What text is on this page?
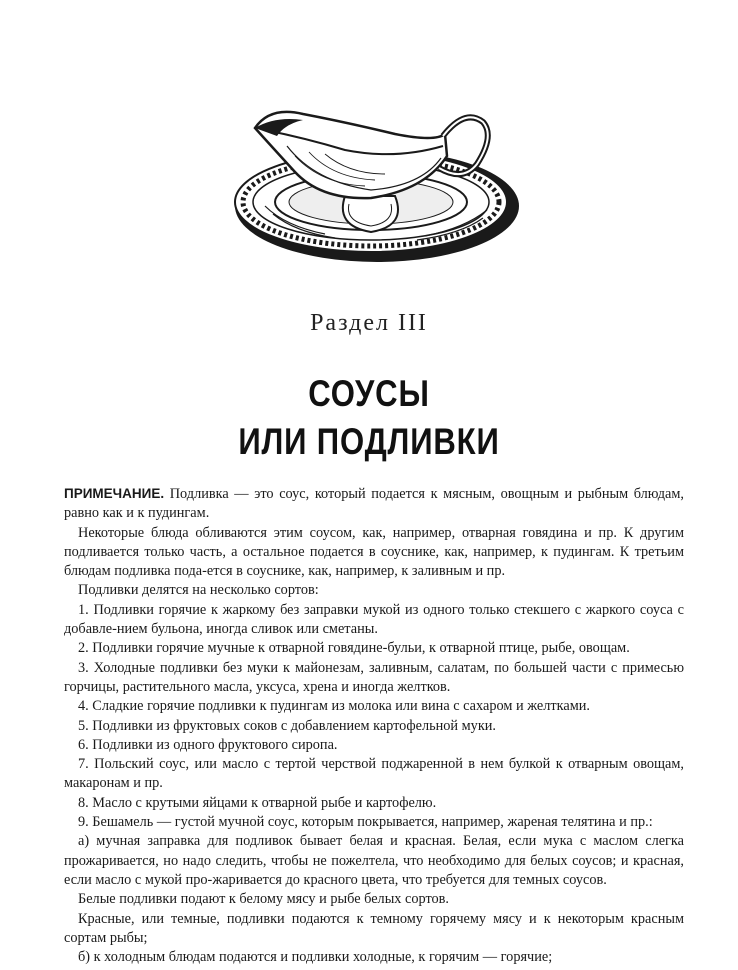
Раздел III
СОУСЫ
ИЛИ ПОДЛИВКИ

ПРИМЕЧАНИЕ. Подливка — это соус, который подается к мясным, овощным и рыбным блюдам, равно как и к пудингам.

Некоторые блюда обливаются этим соусом, как, например, отварная говядина и пр. К другим подливается только часть, а остальное подается в соуснике, как, например, к пудингам. К третьим блюдам подливка пода-ется в соуснике, как, например, к заливным и пр.

Подливки делятся на несколько сортов:

1. Подливки горячие к жаркому без заправки мукой из одного только стекшего с жаркого соуса с добавле-нием бульона, иногда сливок или сметаны.

2. Подливки горячие мучные к отварной говядине-бульи, к отварной птице, рыбе, овощам.

3. Холодные подливки без муки к майонезам, заливным, салатам, по большей части с примесью горчицы, растительного масла, уксуса, хрена и иногда желтков.

4. Сладкие горячие подливки к пудингам из молока или вина с сахаром и желтками.

5. Подливки из фруктовых соков с добавлением картофельной муки.

6. Подливки из одного фруктового сиропа.

7. Польский соус, или масло с тертой черствой поджаренной в нем булкой к отварным овощам, макаронам и пр.

8. Масло с крутыми яйцами к отварной рыбе и картофелю.

9. Бешамель — густой мучной соус, которым покрывается, например, жареная телятина и пр.:

а) мучная заправка для подливок бывает белая и красная. Белая, если мука с маслом слегка прожаривается, но надо следить, чтобы не пожелтела, что необходимо для белых соусов; и красная, если масло с мукой про-жаривается до красного цвета, что требуется для темных соусов.

Белые подливки подают к белому мясу и рыбе белых сортов.

Красные, или темные, подливки подаются к темному горячему мясу и к некоторым красным сортам рыбы;

б) к холодным блюдам подаются и подливки холодные, к горячим — горячие;
